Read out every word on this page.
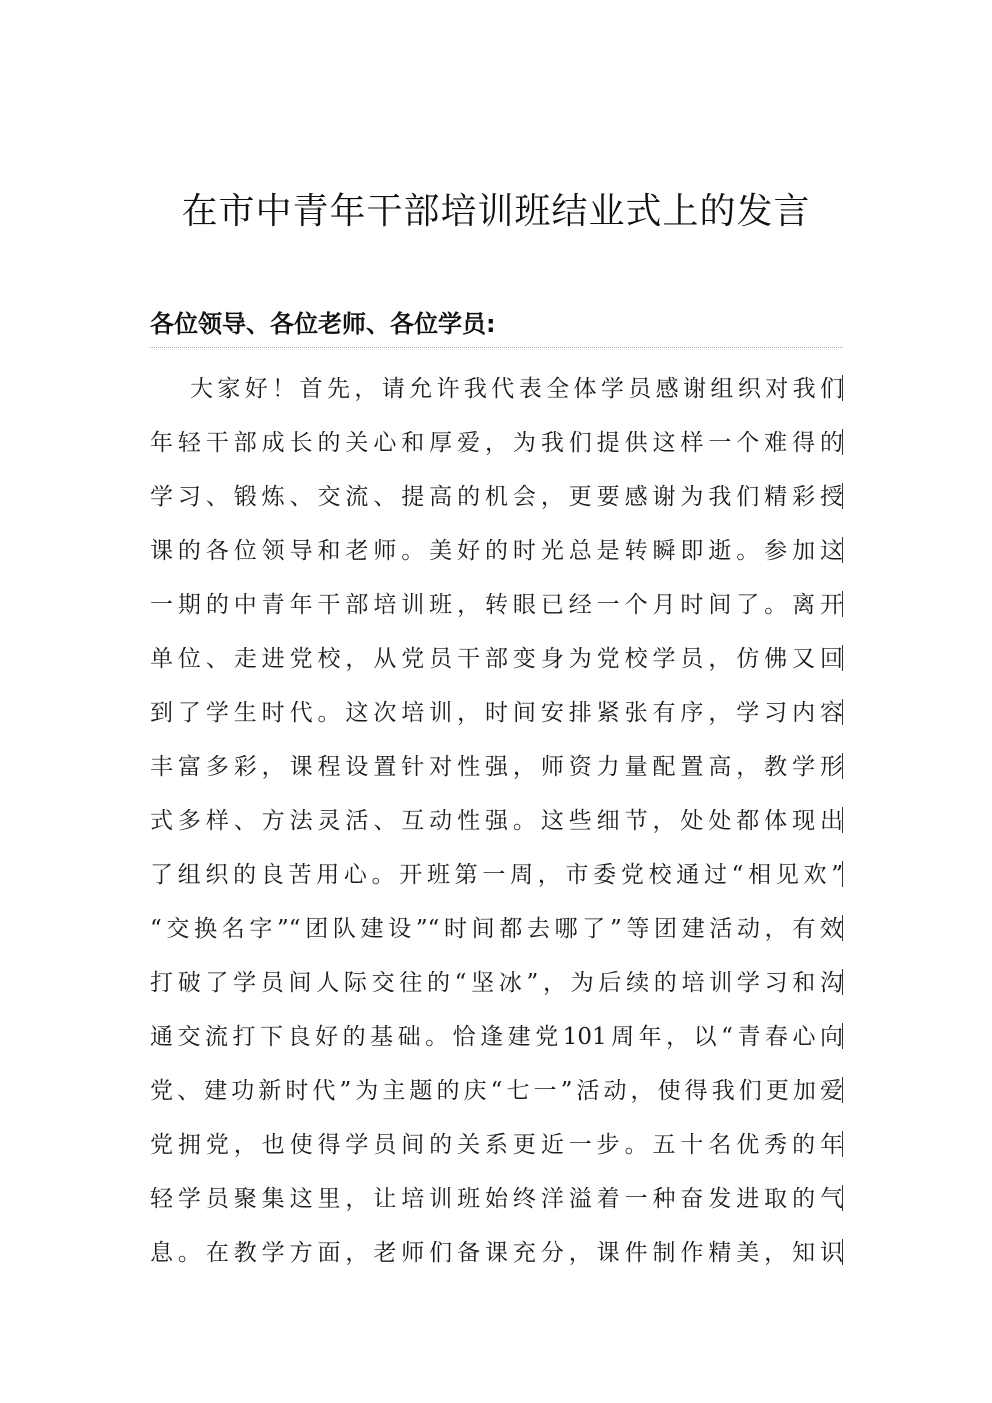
在市中青年干部培训班结业式上的发言
各位领导、各位老师、各位学员:
大家好！首先，请允许我代表全体学员感谢组织对我们
年轻干部成长的关心和厚爱，为我们提供这样一个难得的
学习、锻炼、交流、提高的机会，更要感谢为我们精彩授
课的各位领导和老师。美好的时光总是转瞬即逝。参加这
一期的中青年干部培训班，转眼已经一个月时间了。离开
单位、走进党校，从党员干部变身为党校学员，仿佛又回
到了学生时代。这次培训，时间安排紧张有序，学习内容
丰富多彩，课程设置针对性强，师资力量配置高，教学形
式多样、方法灵活、互动性强。这些细节，处处都体现出
了组织的良苦用心。开班第一周，市委党校通过“相见欢”
“交换名字”“团队建设”“时间都去哪了”等团建活动，有效
打破了学员间人际交往的“坚冰”，为后续的培训学习和沟
通交流打下良好的基础。恰逢建党101周年，以“青春心向
党、建功新时代”为主题的庆“七一”活动，使得我们更加爱
党拥党，也使得学员间的关系更近一步。五十名优秀的年
轻学员聚集这里，让培训班始终洋溢着一种奋发进取的气
息。在教学方面，老师们备课充分，课件制作精美，知识
